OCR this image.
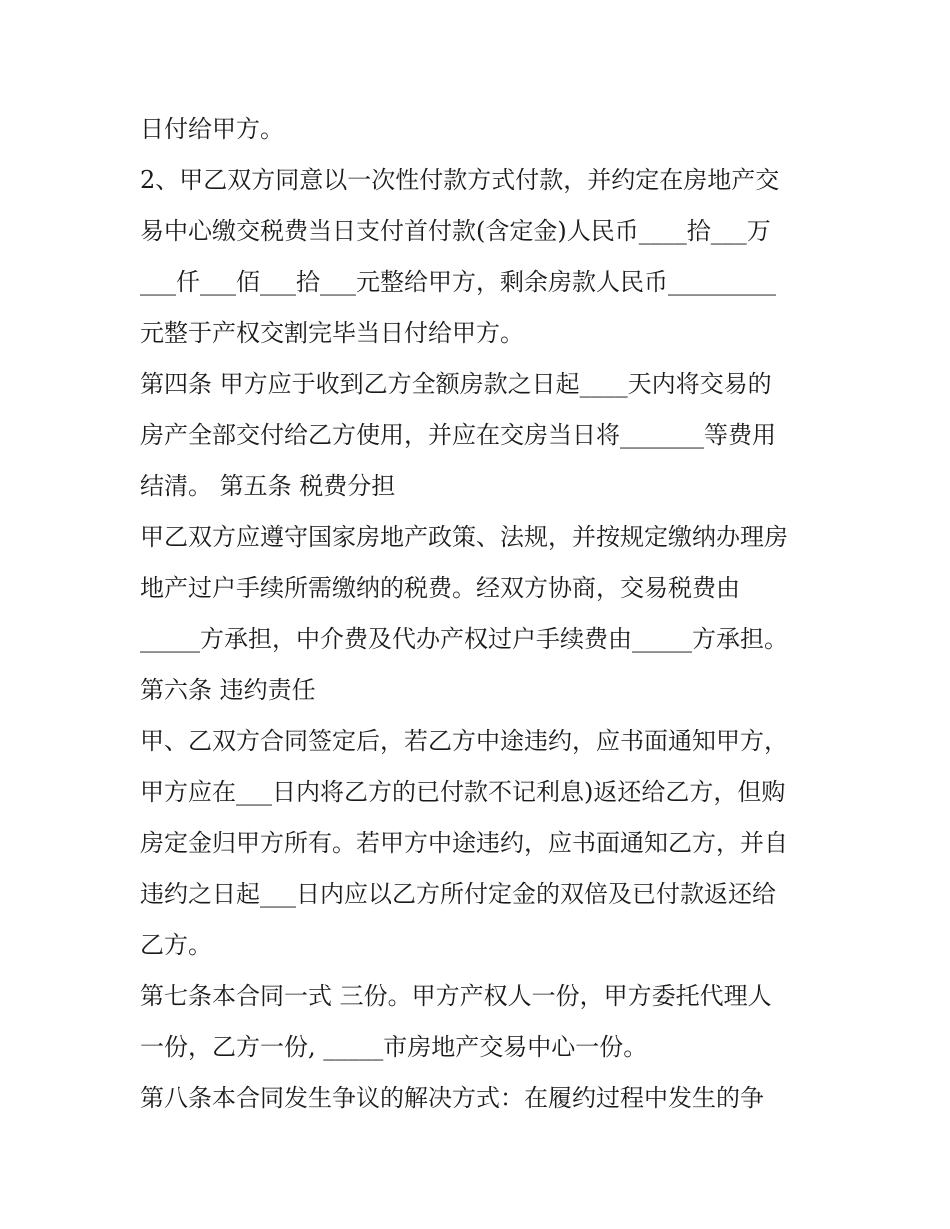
日付给甲方。
2、甲乙双方同意以一次性付款方式付款，并约定在房地产交
易中心缴交税费当日支付首付款(含定金)人民币____拾___万
___仟___佰___拾___元整给甲方，剩余房款人民币_________
元整于产权交割完毕当日付给甲方。
第四条 甲方应于收到乙方全额房款之日起____天内将交易的
房产全部交付给乙方使用，并应在交房当日将_______等费用
结清。 第五条 税费分担
甲乙双方应遵守国家房地产政策、法规，并按规定缴纳办理房
地产过户手续所需缴纳的税费。经双方协商，交易税费由
_____方承担，中介费及代办产权过户手续费由_____方承担。
第六条 违约责任
甲、乙双方合同签定后，若乙方中途违约，应书面通知甲方，
甲方应在___日内将乙方的已付款不记利息)返还给乙方，但购
房定金归甲方所有。若甲方中途违约，应书面通知乙方，并自
违约之日起___日内应以乙方所付定金的双倍及已付款返还给
乙方。
第七条本合同一式 三份。甲方产权人一份，甲方委托代理人
一份，乙方一份, _____市房地产交易中心一份。
第八条本合同发生争议的解决方式：在履约过程中发生的争
